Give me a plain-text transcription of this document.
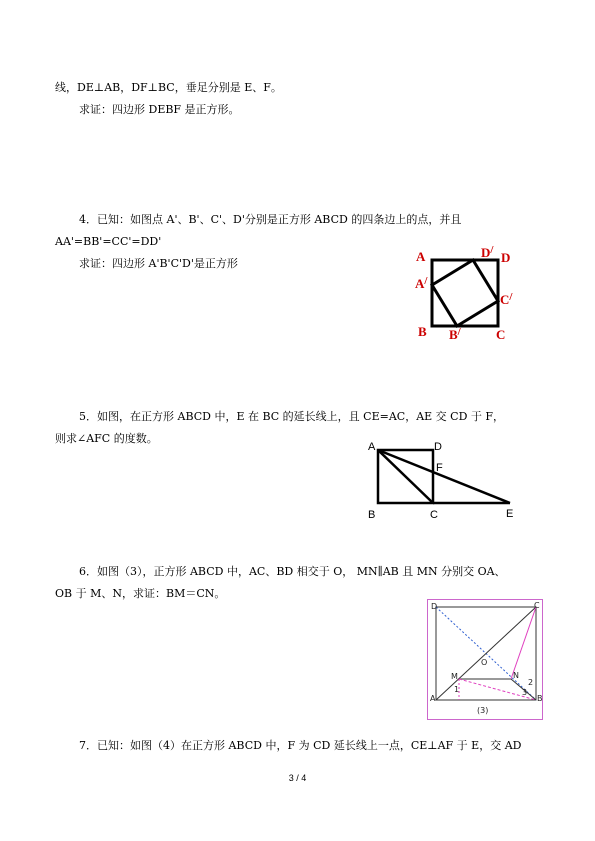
线，DE⊥AB，DF⊥BC，垂足分别是 E、F。
求证：四边形 DEBF 是正方形。
4．已知：如图点 A'、B'、C'、D'分别是正方形 ABCD 的四条边上的点，并且
AA'=BB'=CC'=DD'
求证：四边形 A'B'C'D'是正方形	A	D/ D
A/
C/
B B/	C
5．如图，在正方形 ABCD 中，E 在 BC 的延长线上，且 CE=AC，AE 交 CD 于 F，
则求∠AFC 的度数。
A	D
F
B	C	E
6．如图（3），正方形 ABCD 中，AC、BD 相交于 O， MN∥AB 且 MN 分别交 OA、
OB 于 M、N，求证：BM＝CN。
D	C
O
M	N
1
2
3
A	B
(3)
7．已知：如图（4）在正方形 ABCD 中，F 为 CD 延长线上一点，CE⊥AF 于 E，交 AD
3 / 4
